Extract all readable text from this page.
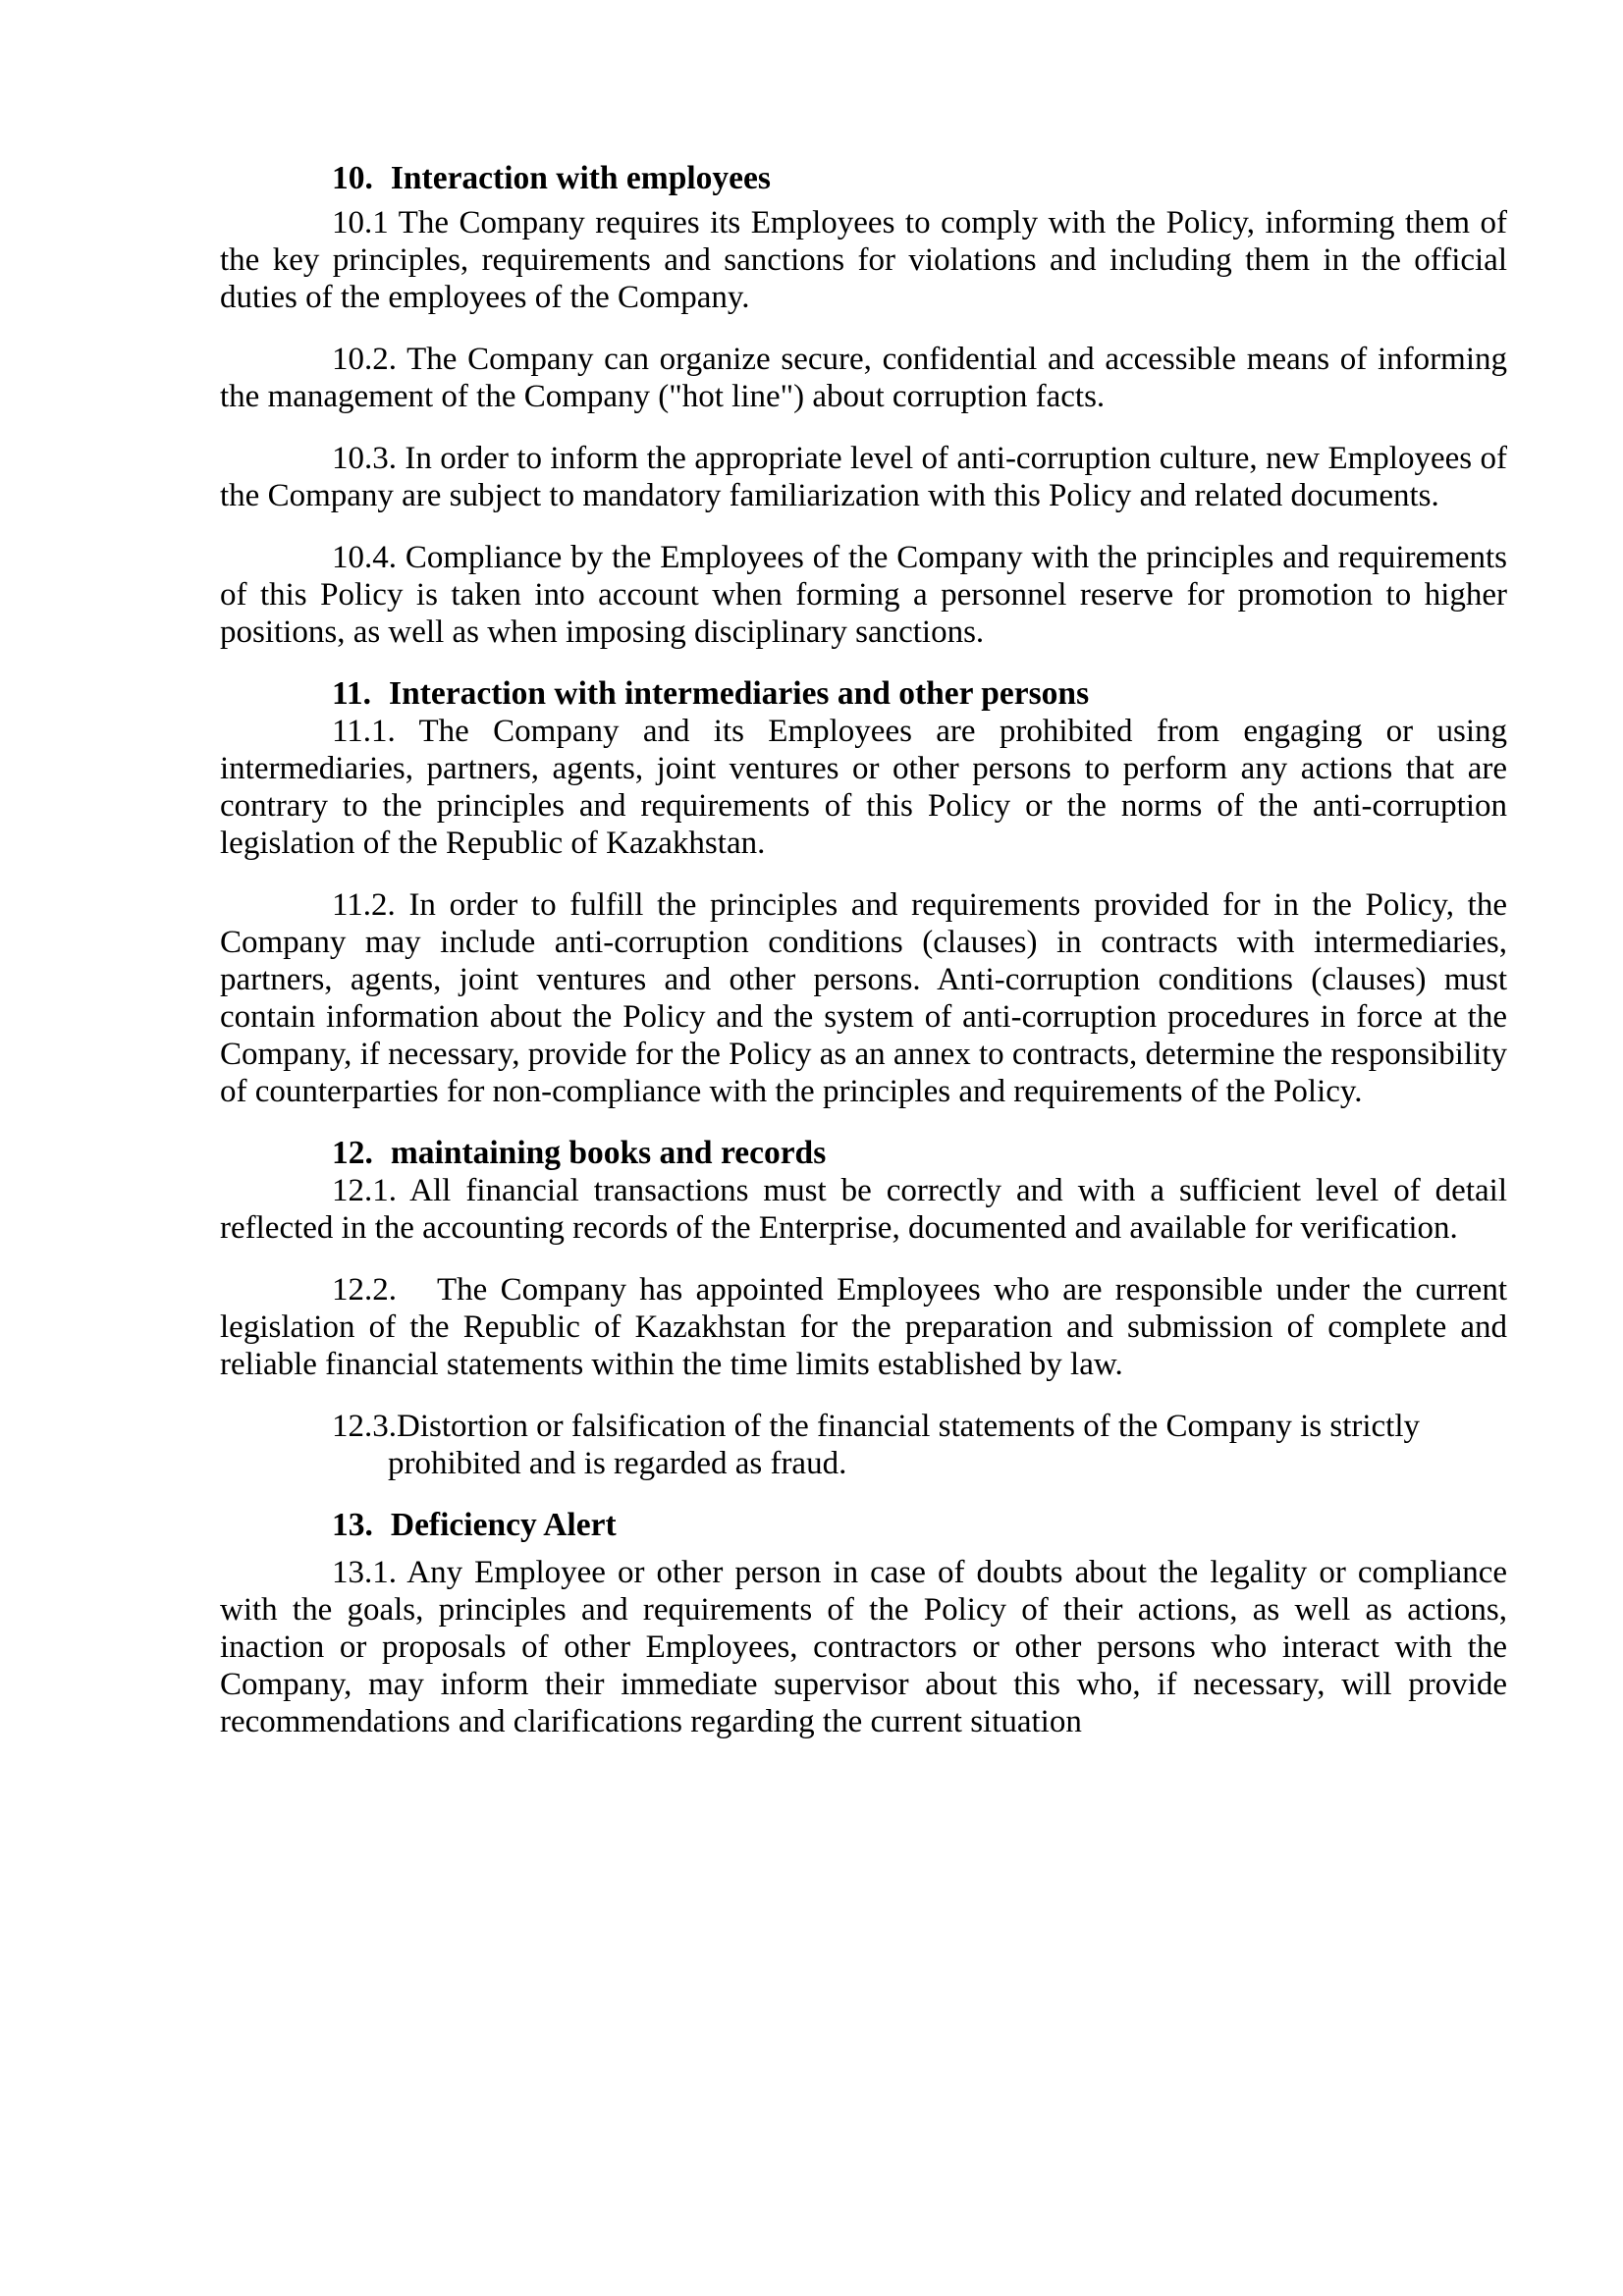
10. Interaction with employees

10.1 The Company requires its Employees to comply with the Policy, informing them of the key principles, requirements and sanctions for violations and including them in the official duties of the employees of the Company.

10.2. The Company can organize secure, confidential and accessible means of informing the management of the Company ("hot line") about corruption facts.

10.3. In order to inform the appropriate level of anti-corruption culture, new Employees of the Company are subject to mandatory familiarization with this Policy and related documents.

10.4. Compliance by the Employees of the Company with the principles and requirements of this Policy is taken into account when forming a personnel reserve for promotion to higher positions, as well as when imposing disciplinary sanctions.

11. Interaction with intermediaries and other persons

11.1. The Company and its Employees are prohibited from engaging or using intermediaries, partners, agents, joint ventures or other persons to perform any actions that are contrary to the principles and requirements of this Policy or the norms of the anti-corruption legislation of the Republic of Kazakhstan.

11.2. In order to fulfill the principles and requirements provided for in the Policy, the Company may include anti-corruption conditions (clauses) in contracts with intermediaries, partners, agents, joint ventures and other persons. Anti-corruption conditions (clauses) must contain information about the Policy and the system of anti-corruption procedures in force at the Company, if necessary, provide for the Policy as an annex to contracts, determine the responsibility of counterparties for non-compliance with the principles and requirements of the Policy.

12. maintaining books and records

12.1. All financial transactions must be correctly and with a sufficient level of detail reflected in the accounting records of the Enterprise, documented and available for verification.

12.2. The Company has appointed Employees who are responsible under the current legislation of the Republic of Kazakhstan for the preparation and submission of complete and reliable financial statements within the time limits established by law.

12.3.Distortion or falsification of the financial statements of the Company is strictly prohibited and is regarded as fraud.

13. Deficiency Alert

13.1. Any Employee or other person in case of doubts about the legality or compliance with the goals, principles and requirements of the Policy of their actions, as well as actions, inaction or proposals of other Employees, contractors or other persons who interact with the Company, may inform their immediate supervisor about this who, if necessary, will provide recommendations and clarifications regarding the current situation
